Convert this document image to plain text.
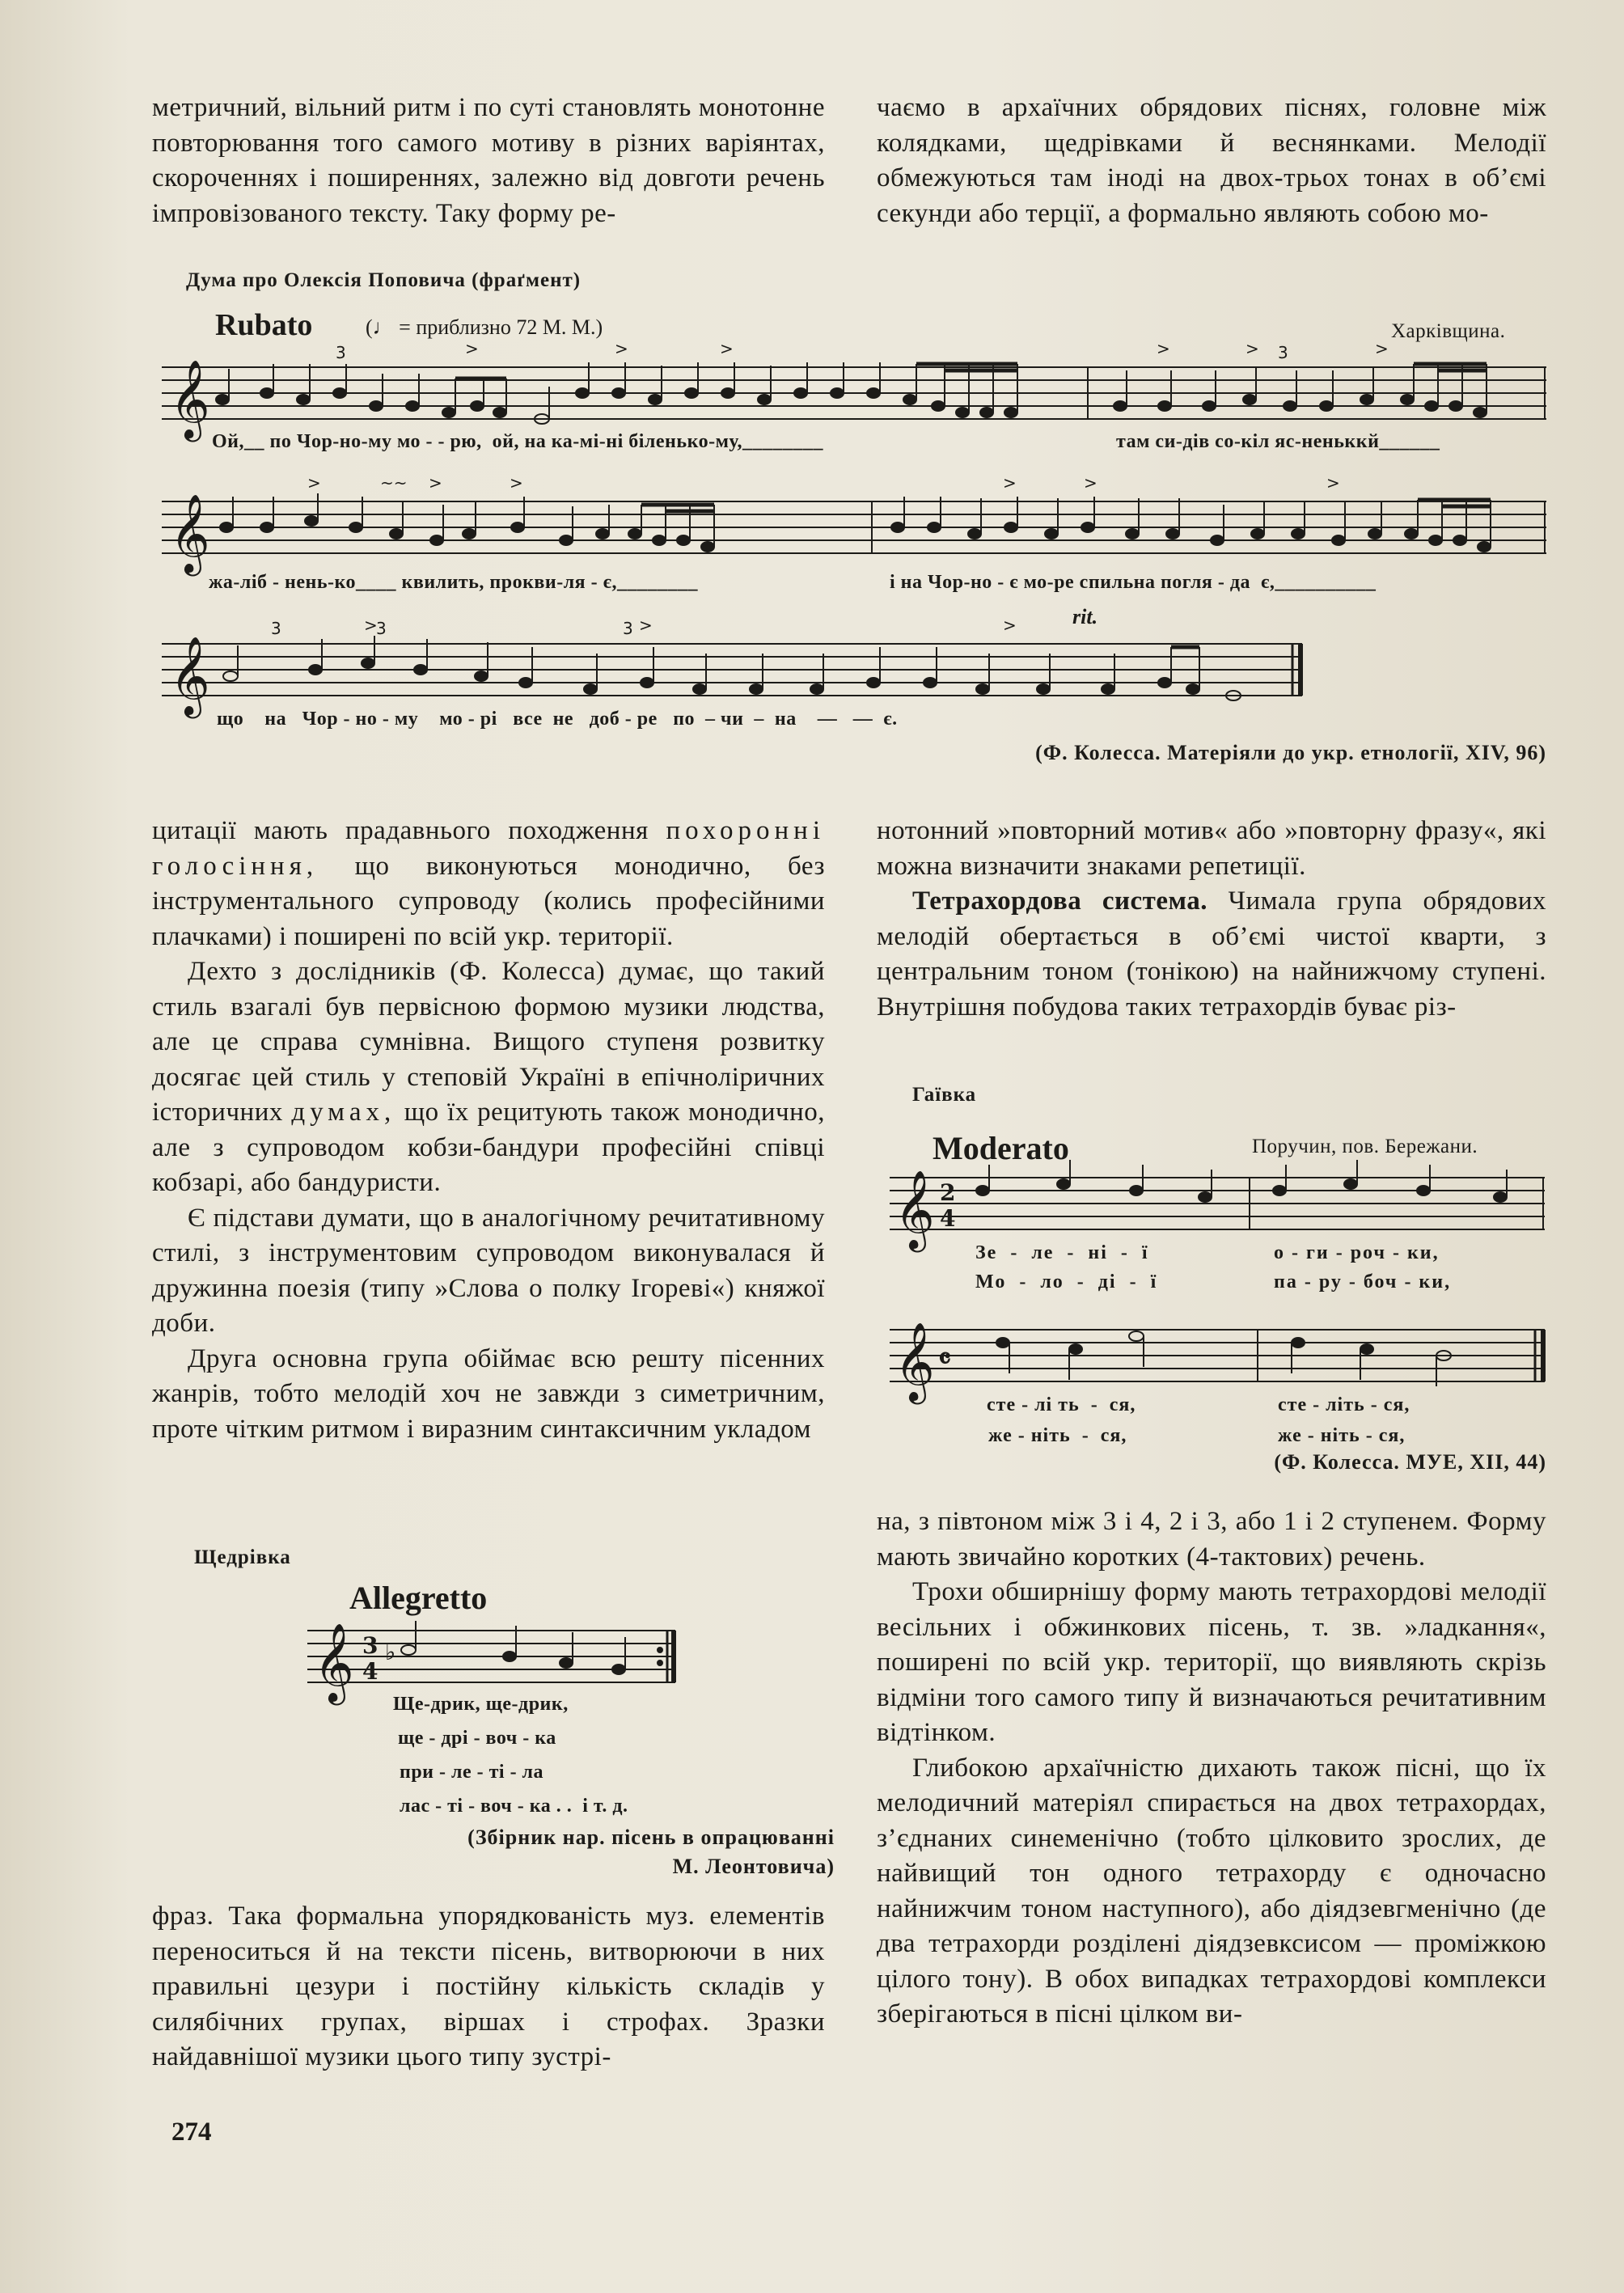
метричний, вільний ритм і по суті становлять монотонне повторювання того самого мотиву в різних варіянтах, скороченнях і поширеннях, залежно від довготи речень імпровізованого тексту. Таку форму ре-

чаємо в архаїчних обрядових піснях, головне між колядками, щедрівками й веснянками. Мелодії обмежуються там іноді на двох-трьох тонах в об’ємі секунди або терції, а формально являють собою мо-

Дума про Олексія Поповича (фраґмент)
Rubato	(♩ = приблизно 72 М. М.)	Харківщина.
𝄞
3	3
>	>	>	>	>	>
Ой,__ по Чор-но-му мо - - рю,  ой, на ка-мі-ні біленько-му,________	там си-дів со-кіл яс-неньккй______
𝄞
>	~~ >	>	>	>	>
жа-ліб - нень-ко____ квилить, прокви-ля - є,________	і на Чор-но - є мо-ре спильна погля - да  є,__________
rit.
𝄞
3	3	3
>	>	>
що    на   Чор - но - му    мо - рі   все  не   доб - ре   по  – чи  –  на    —   —  є.
(Ф. Колесса. Матеріяли до укр. етнології, XIV, 96)

цитації мають прадавнього походження похоронні голосіння, що виконуються монодично, без інструментального супроводу (колись професійними плачками) і поширені по всій укр. території.

Дехто з дослідників (Ф. Колесса) думає, що такий стиль взагалі був первісною формою музики людства, але це справа сумнівна. Вищого ступеня розвитку досягає цей стиль у степовій Україні в епічноліричних історичних думах, що їх рецитують також монодично, але з супроводом кобзи-бандури професійні співці кобзарі, або бандуристи.

Є підстави думати, що в аналогічному речитативному стилі, з інструментовим супроводом виконувалася й дружинна поезія (типу »Слова о полку Ігореві«) княжої доби.

Друга основна група обіймає всю решту пісенних жанрів, тобто мелодій хоч не завжди з симетричним, проте чітким ритмом і виразним синтаксичним укладом

Щедрівка
Allegretto
𝄞 3
4
♭
Ще-дрик, ще-дрик,
ще - дрі - воч - ка
при - ле - ті - ла
лас - ті - воч - ка . .  і т. д.
(Збірник нар. пісень в опрацюванні
М. Леонтовича)

фраз. Така формальна упорядкованість муз. елементів переноситься й на тексти пісень, витворюючи в них правильні цезури і постійну кількість складів у силябічних групах, віршах і строфах. Зразки найдавнішої музики цього типу зустрі-

274

нотонний »повторний мотив« або »повторну фразу«, які можна визначити знаками репетиції.

Тетрахордова система. Чимала група обрядових мелодій обертається в об’ємі чистої кварти, з центральним тоном (тонікою) на найнижчому ступені. Внутрішня побудова таких тетрахордів буває різ-

Гаївка
Moderato	Поручин, пов. Бережани.
𝄞 2
4
Зе  -  ле  -  ні  -  ї	о - ги - роч - ки,
Мо  -  ло  -  ді  -  ї	па - ру - боч - ки,
𝄞 𝄴
сте - лі ть  -  ся,	сте - літь - ся,
же - ніть  -  ся,	же - ніть - ся,
(Ф. Колесса. МУЕ, XII, 44)

на, з півтоном між 3 і 4, 2 і 3, або 1 і 2 ступенем. Форму мають звичайно коротких (4-тактових) речень.

Трохи обширнішу форму мають тетрахордові мелодії весільних і обжинкових пісень, т. зв. »ладкання«, поширені по всій укр. території, що виявляють скрізь відміни того самого типу й визначаються речитативним відтінком.

Глибокою архаїчністю дихають також пісні, що їх мелодичний матеріял спирається на двох тетрахордах, з’єднаних синеменічно (тобто цілковито зрослих, де найвищий тон одного тетрахорду є одночасно найнижчим тоном наступного), або діядзевгменічно (де два тетрахорди розділені діядзевксисом — проміжкою цілого тону). В обох випадках тетрахордові комплекси зберігаються в пісні цілком ви-
